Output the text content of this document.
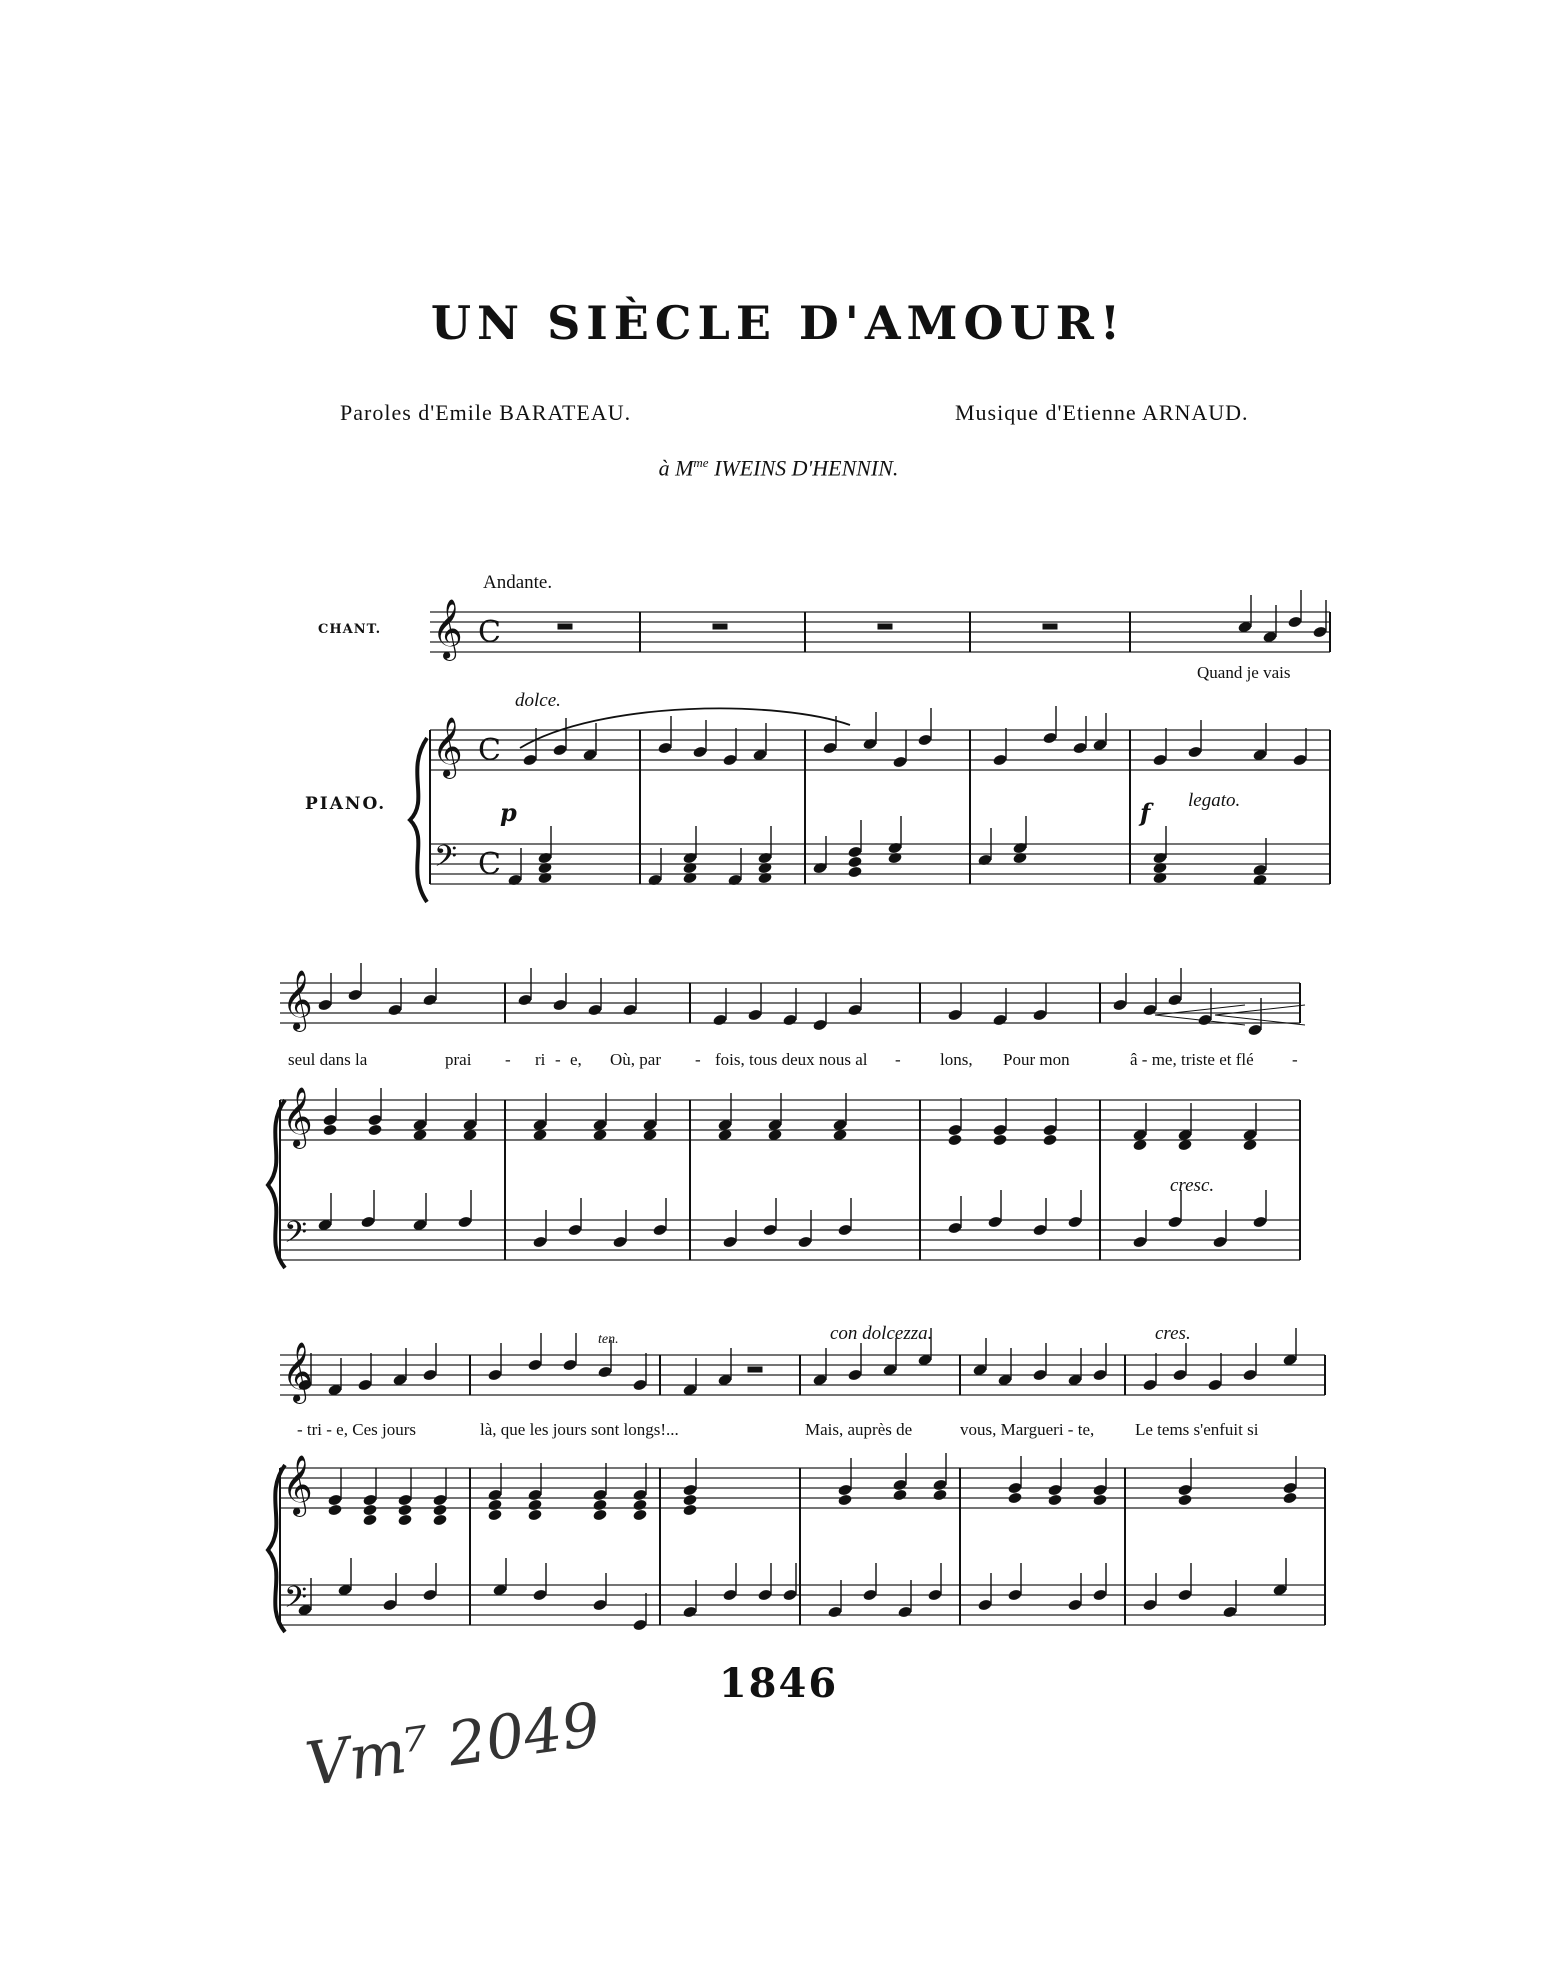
UN SIÈCLE D'AMOUR!
Paroles d'Emile BARATEAU.	Musique d'Etienne ARNAUD.
à $M^{me}$ IWEINS D'HENNIN.
𝄞
𝄞
𝄢
C
C
C
𝄞
𝄞
𝄢
𝄞
𝄞
𝄢
Andante.
CHANT.
PIANO.
dolce.
p	f legato.
Quand je vais
seul dans la	prai - ri - e, Où, par - fois, tous deux nous al - lons, Pour mon	â - me, triste et flé -
cresc.
ten.	con dolcezza.	cres.
- tri - e, Ces jours	là, que les jours sont longs!...	Mais, auprès de	vous, Margueri - te, Le tems s'enfuit si
1846
Vm⁷ 2049
